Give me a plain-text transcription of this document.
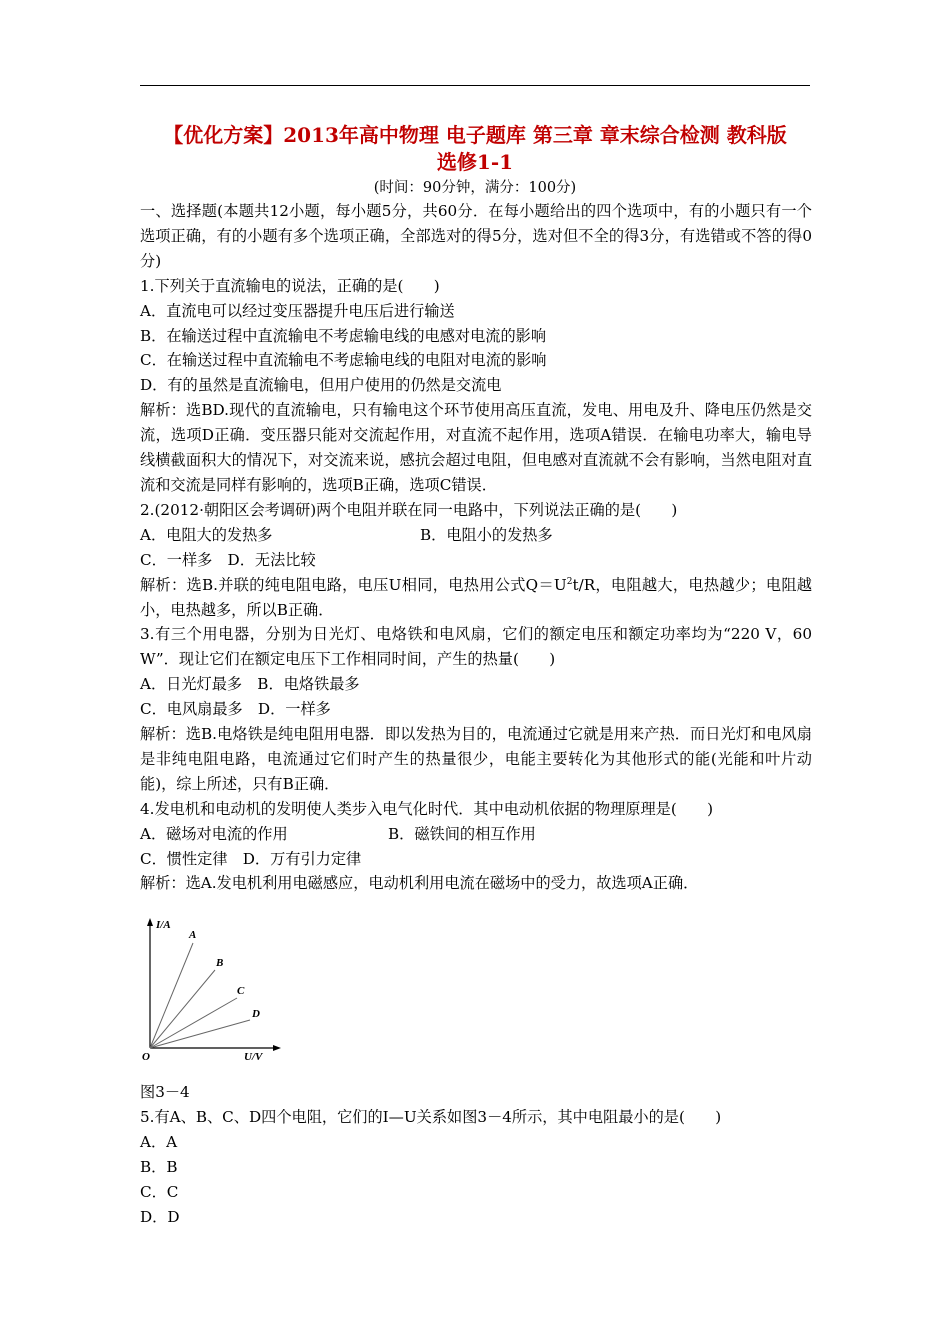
【优化方案】2013年高中物理 电子题库 第三章 章末综合检测 教科版
选修1-1
(时间：90分钟，满分：100分)

一、选择题(本题共12小题，每小题5分，共60分．在每小题给出的四个选项中，有的小题只有一个选项正确，有的小题有多个选项正确，全部选对的得5分，选对但不全的得3分，有选错或不答的得0分)

1.下列关于直流输电的说法，正确的是(　　)

A．直流电可以经过变压器提升电压后进行输送

B．在输送过程中直流输电不考虑输电线的电感对电流的影响

C．在输送过程中直流输电不考虑输电线的电阻对电流的影响

D．有的虽然是直流输电，但用户使用的仍然是交流电

解析：选BD.现代的直流输电，只有输电这个环节使用高压直流，发电、用电及升、降电压仍然是交流，选项D正确．变压器只能对交流起作用，对直流不起作用，选项A错误．在输电功率大，输电导线横截面积大的情况下，对交流来说，感抗会超过电阻，但电感对直流就不会有影响，当然电阻对直流和交流是同样有影响的，选项B正确，选项C错误．

2.(2012·朝阳区会考调研)两个电阻并联在同一电路中，下列说法正确的是(　　)

A．电阻大的发热多	B．电阻小的发热多

C．一样多　D．无法比较

解析：选B.并联的纯电阻电路，电压U相同，电热用公式$Q=U^2t/R$，电阻越大，电热越少；电阻越小，电热越多，所以B正确．

3.有三个用电器，分别为日光灯、电烙铁和电风扇，它们的额定电压和额定功率均为“220 V，60 W”．现让它们在额定电压下工作相同时间，产生的热量(　　)

A．日光灯最多　B．电烙铁最多

C．电风扇最多　D．一样多

解析：选B.电烙铁是纯电阻用电器．即以发热为目的，电流通过它就是用来产热．而日光灯和电风扇是非纯电阻电路，电流通过它们时产生的热量很少，电能主要转化为其他形式的能(光能和叶片动能)，综上所述，只有B正确．

4.发电机和电动机的发明使人类步入电气化时代．其中电动机依据的物理原理是(　　)

A．磁场对电流的作用	B．磁铁间的相互作用

C．惯性定律　D．万有引力定律

解析：选A.发电机利用电磁感应，电动机利用电流在磁场中的受力，故选项A正确．

I/A
U/V
O
A
B
C
D

图3－4

5.有A、B、C、D四个电阻，它们的I—U关系如图3－4所示，其中电阻最小的是(　　)

A．A

B．B

C．C

D．D
